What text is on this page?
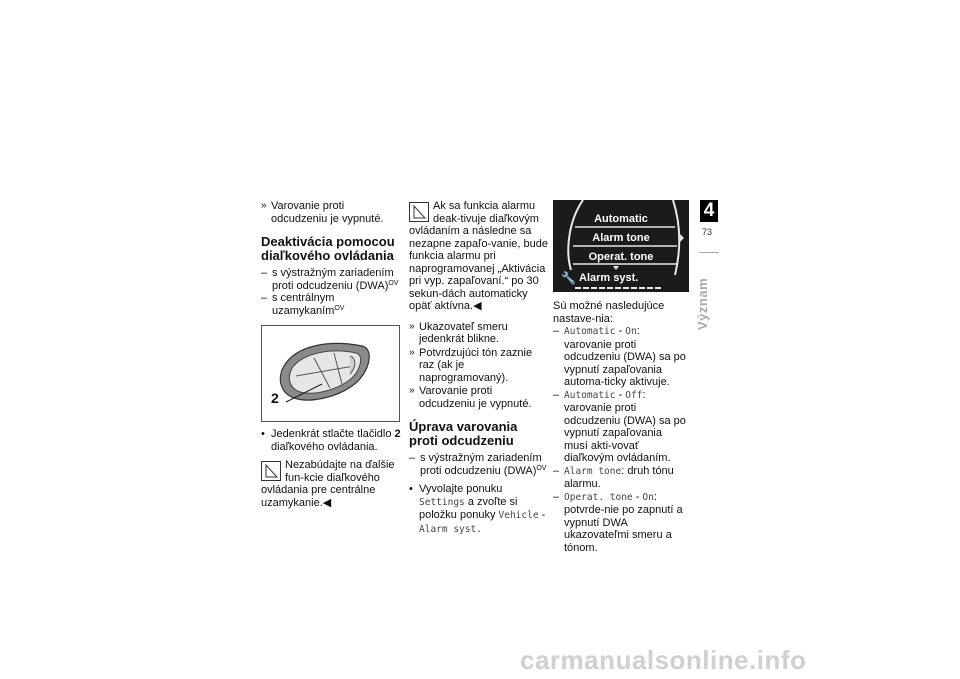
» Varovanie proti odcudzeniu je vypnuté.
Deaktivácia pomocou diaľkového ovládania
– s výstražným zariadením proti odcudzeniu (DWA)$^{OV}$
– s centrálnym uzamykaním$^{OV}$
2
• Jedenkrát stlačte tlačidlo 2 diaľkového ovládania.
Nezabúdajte na ďalšie fun-kcie diaľkového ovládania pre centrálne uzamykanie.◀
Ak sa funkcia alarmu deak-tivuje diaľkovým ovládaním a následne sa nezapne zapaľo-vanie, bude funkcia alarmu pri naprogramovanej „Aktivácia pri vyp. zapaľovaní.“ po 30 sekun-dách automaticky opäť aktívna.◀
» Ukazovateľ smeru jedenkrát blikne.
» Potvrdzujúci tón zaznie raz (ak je naprogramovaný).
» Varovanie proti odcudzeniu je vypnuté.
Úprava varovania proti odcudzeniu
– s výstražným zariadením proti odcudzeniu (DWA)$^{OV}$
• Vyvolajte ponuku Settings a zvoľte si položku ponuky Vehicle - Alarm syst.
Automatic
Alarm tone
Operat. tone
🔧 Alarm syst.
Sú možné nasledujúce nastave-nia:
– Automatic - On: varovanie proti odcudzeniu (DWA) sa po vypnutí zapaľovania automa-ticky aktivuje.
– Automatic - Off: varovanie proti odcudzeniu (DWA) sa po vypnutí zapaľovania musí akti-vovať diaľkovým ovládaním.
– Alarm tone: druh tónu alarmu.
– Operat. tone - On: potvrde-nie po zapnutí a vypnutí DWA ukazovateľmi smeru a tónom.
4
73
Význam
carmanualsonline.info
